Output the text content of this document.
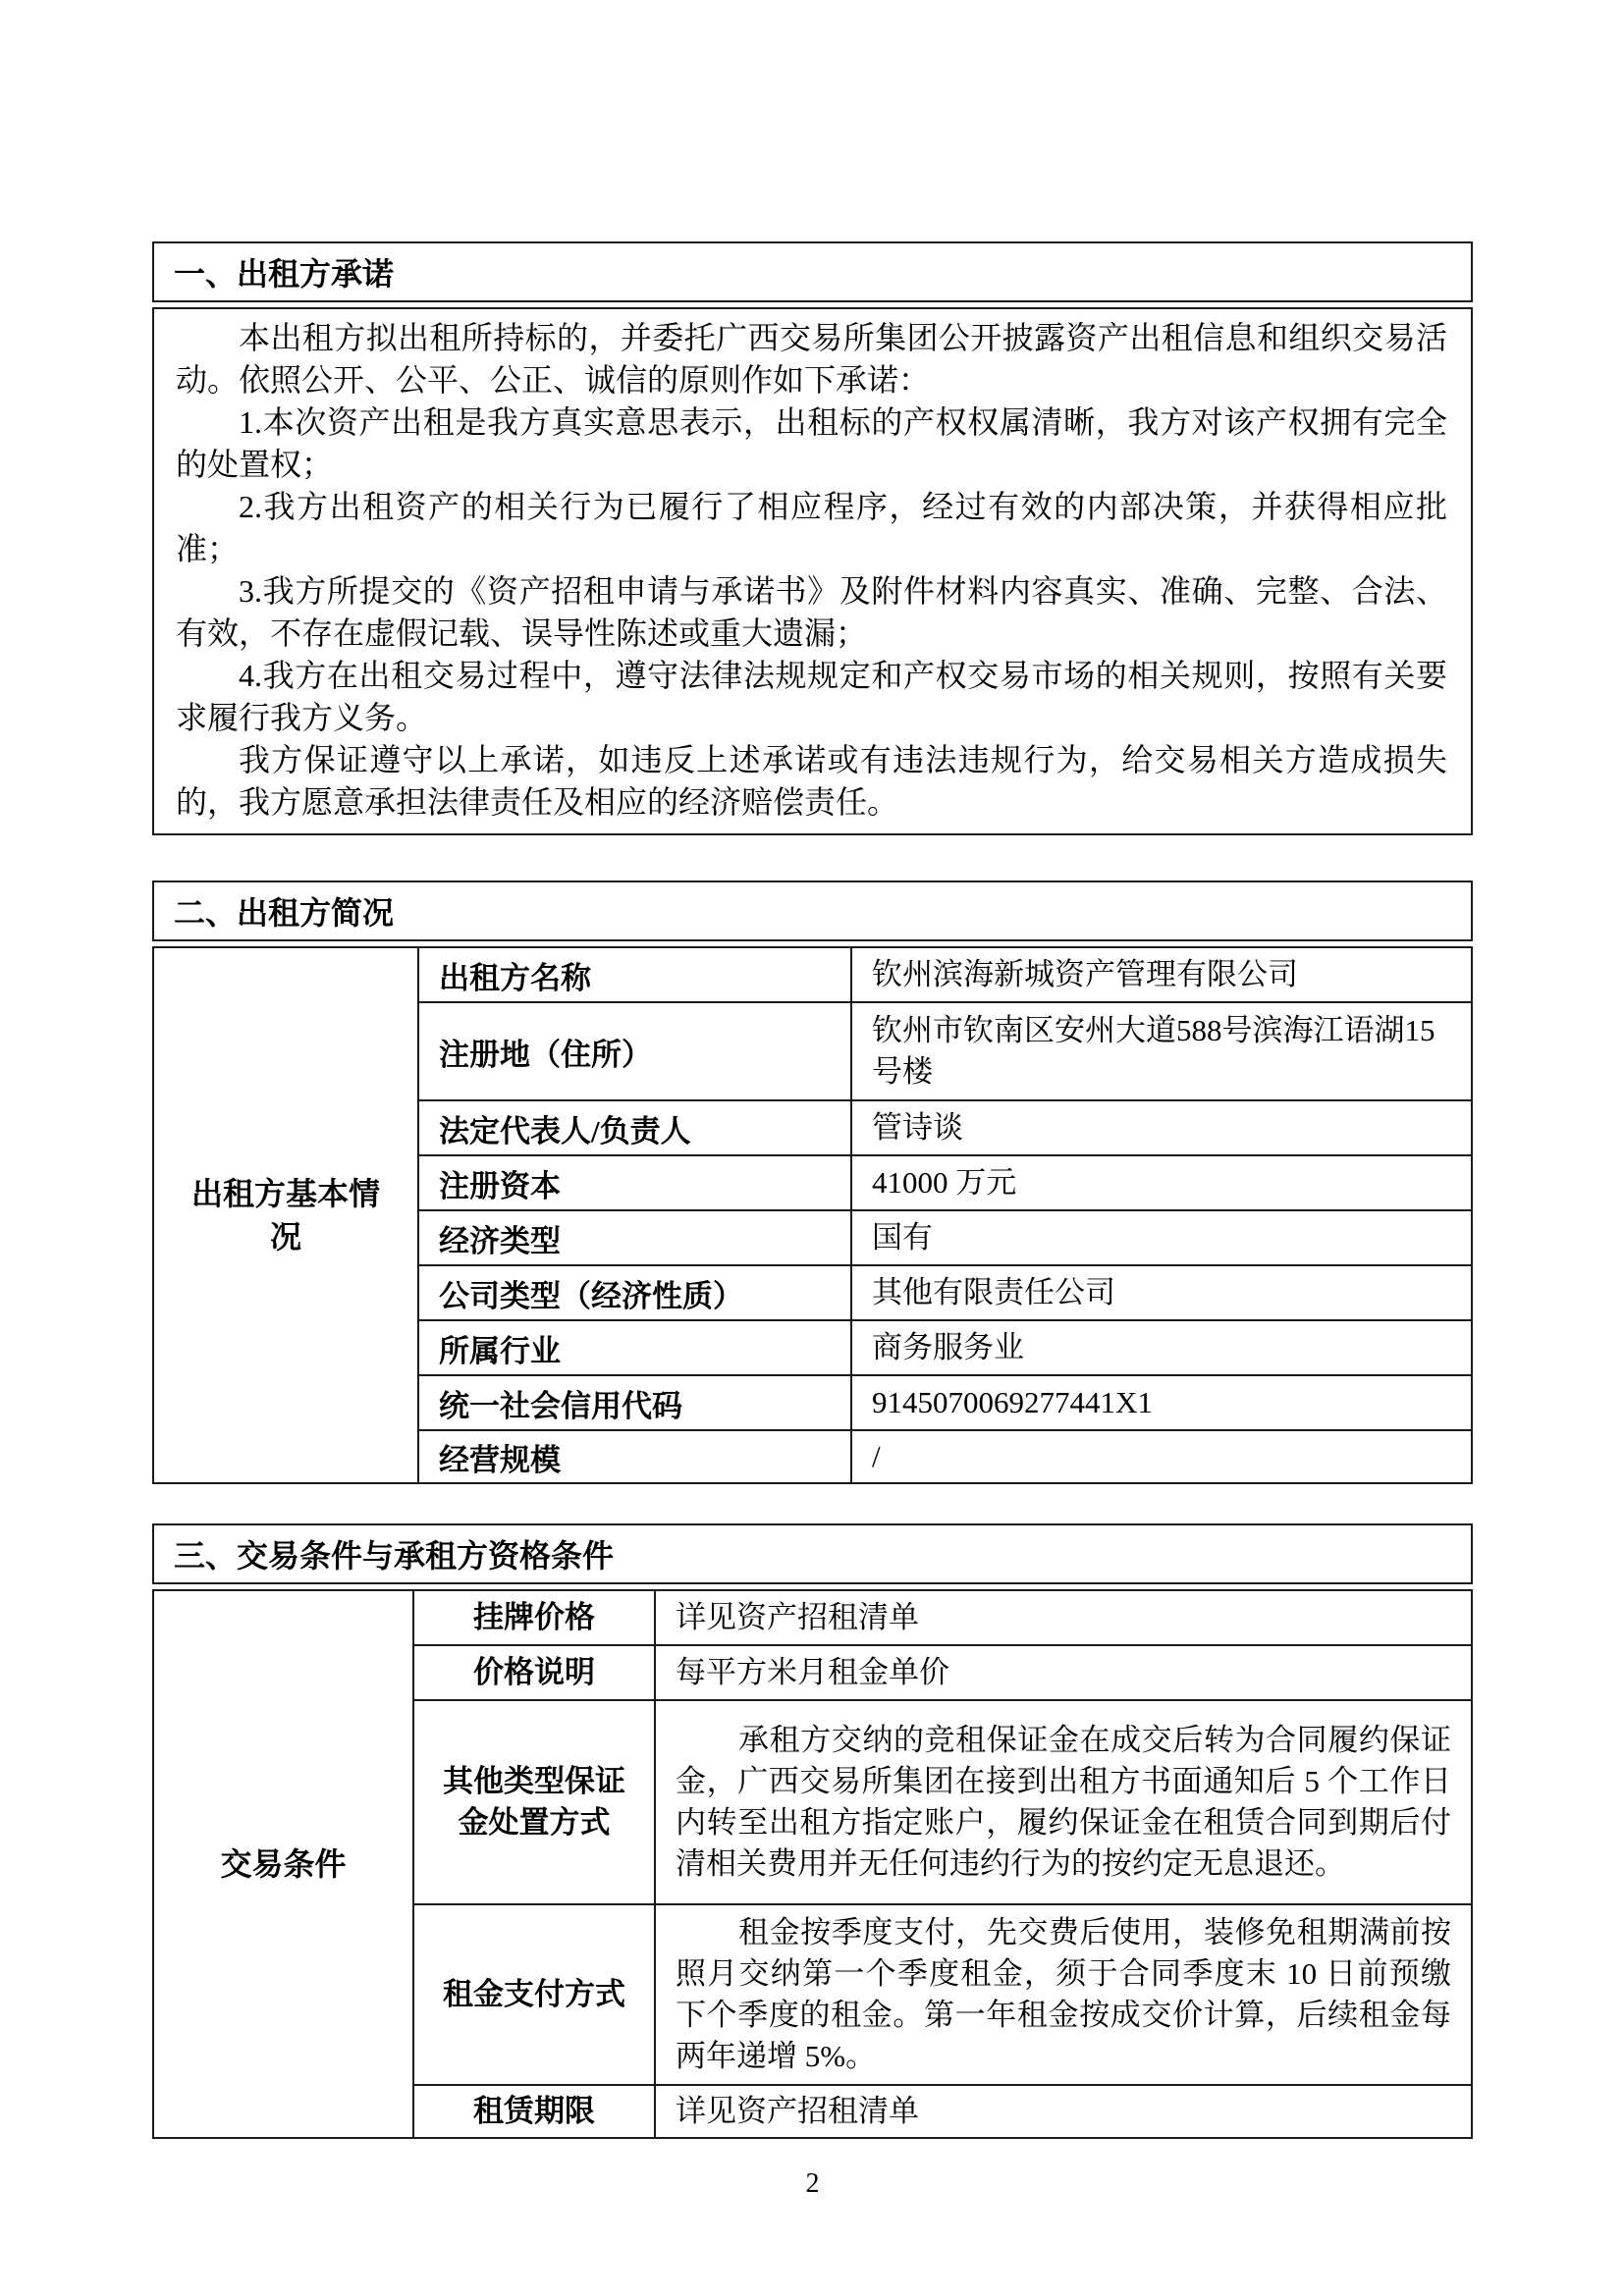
一、出租方承诺

本出租方拟出租所持标的，并委托广西交易所集团公开披露资产出租信息和组织交易活动。依照公开、公平、公正、诚信的原则作如下承诺：

1.本次资产出租是我方真实意思表示，出租标的产权权属清晰，我方对该产权拥有完全的处置权；

2.我方出租资产的相关行为已履行了相应程序，经过有效的内部决策，并获得相应批准；

3.我方所提交的《资产招租申请与承诺书》及附件材料内容真实、准确、完整、合法、有效，不存在虚假记载、误导性陈述或重大遗漏；

4.我方在出租交易过程中，遵守法律法规规定和产权交易市场的相关规则，按照有关要求履行我方义务。

我方保证遵守以上承诺，如违反上述承诺或有违法违规行为，给交易相关方造成损失的，我方愿意承担法律责任及相应的经济赔偿责任。

二、出租方简况
出租方基本情况	出租方名称	钦州滨海新城资产管理有限公司
	注册地（住所）	钦州市钦南区安州大道588号滨海江语湖15号楼
	法定代表人/负责人	管诗谈
	注册资本	41000 万元
	经济类型	国有
	公司类型（经济性质）	其他有限责任公司
	所属行业	商务服务业
	统一社会信用代码	9145070069277441X1
	经营规模	/
三、交易条件与承租方资格条件
交易条件	挂牌价格	详见资产招租清单
	价格说明	每平方米月租金单价
	其他类型保证金处置方式	承租方交纳的竞租保证金在成交后转为合同履约保证金，广西交易所集团在接到出租方书面通知后 5 个工作日内转至出租方指定账户，履约保证金在租赁合同到期后付清相关费用并无任何违约行为的按约定无息退还。
	租金支付方式	租金按季度支付，先交费后使用，装修免租期满前按照月交纳第一个季度租金，须于合同季度末 10 日前预缴下个季度的租金。第一年租金按成交价计算，后续租金每两年递增 5%。
	租赁期限	详见资产招租清单
2
